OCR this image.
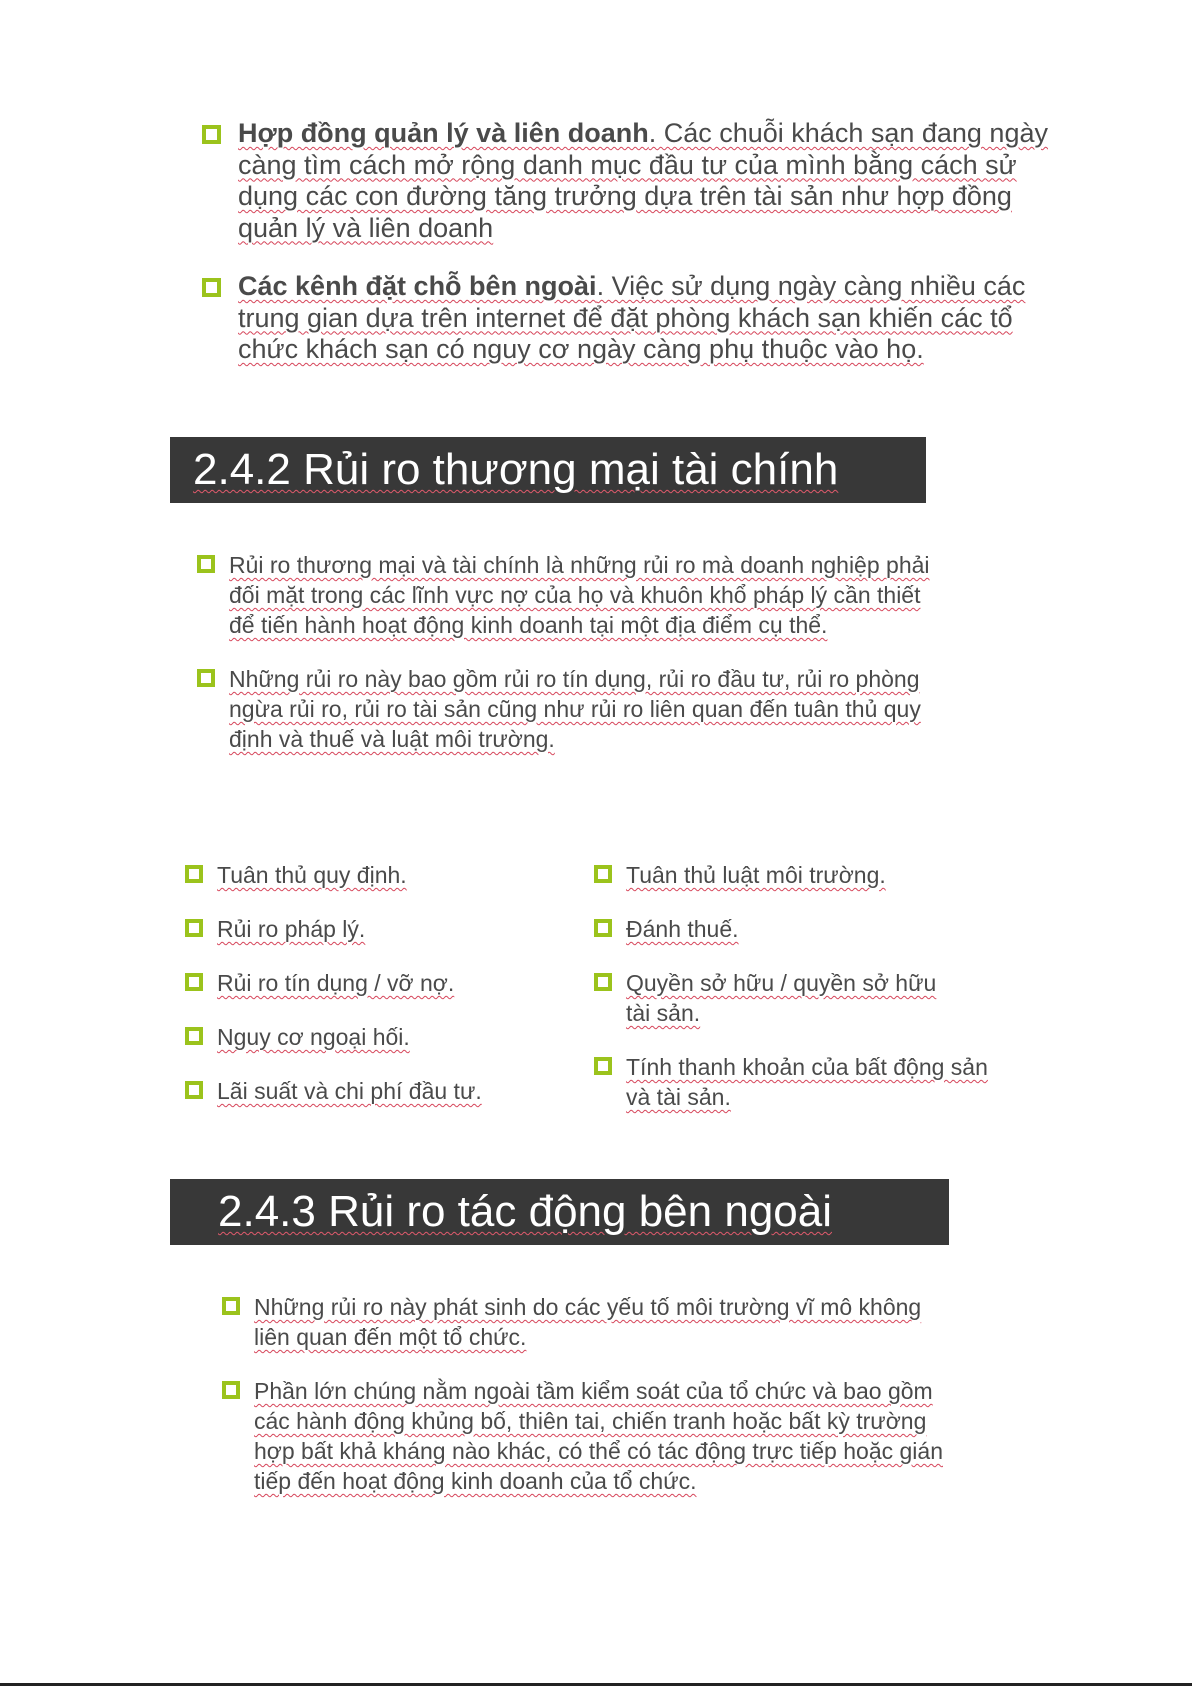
Hợp đồng quản lý và liên doanh. Các chuỗi khách sạn đang ngày càng tìm cách mở rộng danh mục đầu tư của mình bằng cách sử dụng các con đường tăng trưởng dựa trên tài sản như hợp đồng quản lý và liên doanh
Các kênh đặt chỗ bên ngoài. Việc sử dụng ngày càng nhiều các trung gian dựa trên internet để đặt phòng khách sạn khiến các tổ chức khách sạn có nguy cơ ngày càng phụ thuộc vào họ.
2.4.2 Rủi ro thương mại tài chính
Rủi ro thương mại và tài chính là những rủi ro mà doanh nghiệp phải đối mặt trong các lĩnh vực nợ của họ và khuôn khổ pháp lý cần thiết để tiến hành hoạt động kinh doanh tại một địa điểm cụ thể.
Những rủi ro này bao gồm rủi ro tín dụng, rủi ro đầu tư, rủi ro phòng ngừa rủi ro, rủi ro tài sản cũng như rủi ro liên quan đến tuân thủ quy định và thuế và luật môi trường.
Tuân thủ quy định.
Rủi ro pháp lý.
Rủi ro tín dụng / vỡ nợ.
Nguy cơ ngoại hối.
Lãi suất và chi phí đầu tư.
Tuân thủ luật môi trường.
Đánh thuế.
Quyền sở hữu / quyền sở hữu tài sản.
Tính thanh khoản của bất động sản và tài sản.
2.4.3 Rủi ro tác động bên ngoài
Những rủi ro này phát sinh do các yếu tố môi trường vĩ mô không liên quan đến một tổ chức.
Phần lớn chúng nằm ngoài tầm kiểm soát của tổ chức và bao gồm các hành động khủng bố, thiên tai, chiến tranh hoặc bất kỳ trường hợp bất khả kháng nào khác, có thể có tác động trực tiếp hoặc gián tiếp đến hoạt động kinh doanh của tổ chức.
